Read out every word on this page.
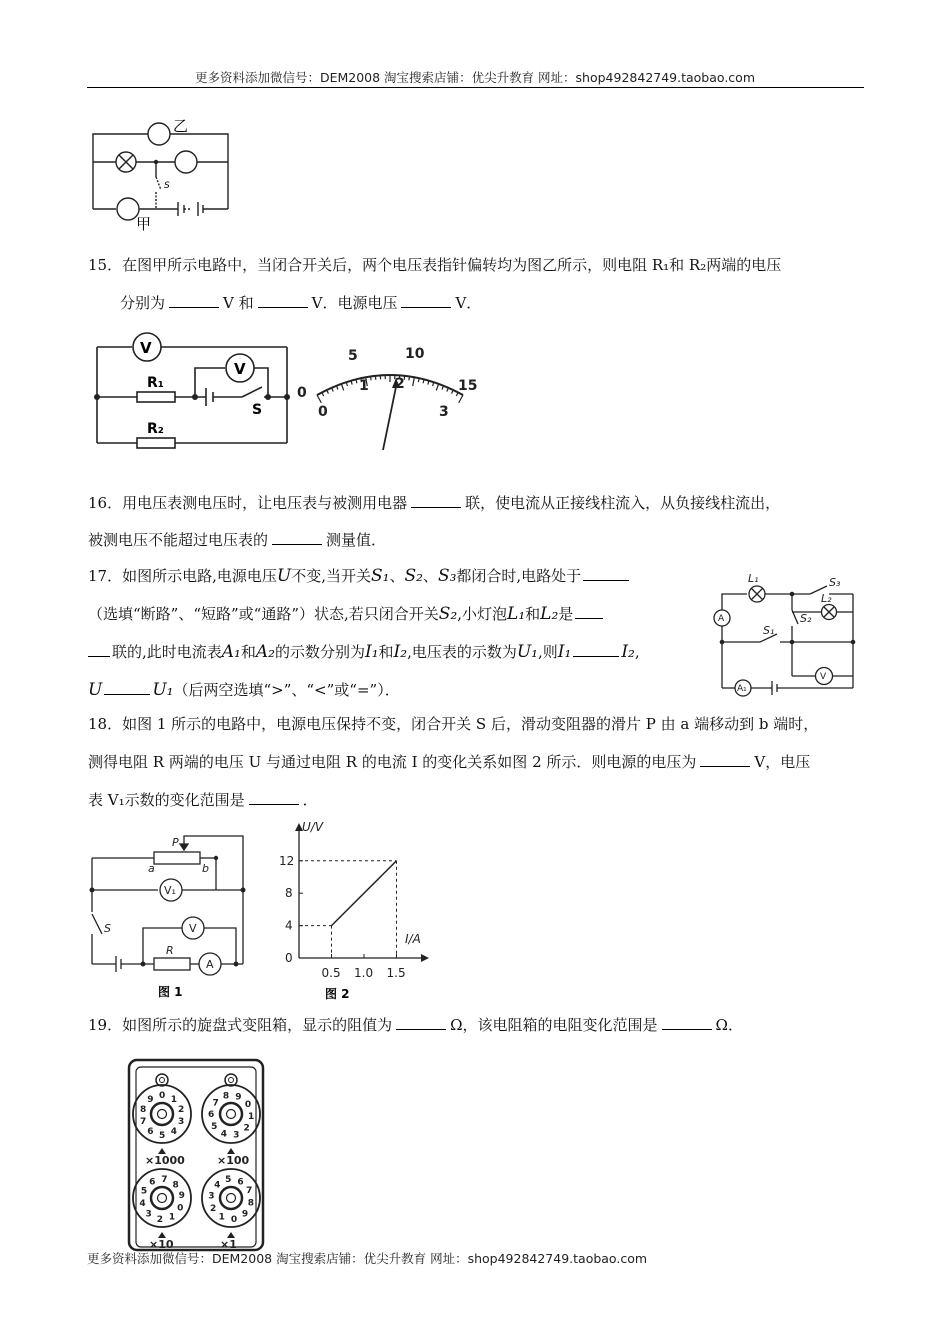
更多资料添加微信号：DEM2008 淘宝搜索店铺：优尖升教育 网址：shop492842749.taobao.com
乙
甲
S
15．在图甲所示电路中，当闭合开关后，两个电压表指针偏转均为图乙所示，则电阻 R₁和 R₂两端的电压
分别为	V 和	V．电源电压	V．
V
V
R₁
R₂
S
0
5	10
15
0
1 2
3
16．用电压表测电压时，让电压表与被测用电器	联，使电流从正接线柱流入，从负接线柱流出，
被测电压不能超过电压表的	测量值．
17．如图所示电路,电源电压U不变,当开关S₁、S₂、S₃都闭合时,电路处于
（选填“断路”、“短路”或“通路”）状态,若只闭合开关S₂,小灯泡L₁和L₂是
联的,此时电流表A₁和A₂的示数分别为I₁和I₂,电压表的示数为U₁,则I₁	I₂,
U	U₁（后两空选填“>”、“<”或“=”）．
L₁	S₃
S₁
S₂
L₂
A
V
A₁
18．如图 1 所示的电路中，电源电压保持不变，闭合开关 S 后，滑动变阻器的滑片 P 由 a 端移动到 b 端时，
测得电阻 R 两端的电压 U 与通过电阻 R 的电流 I 的变化关系如图 2 所示．则电源的电压为	V，电压
表 V₁示数的变化范围是	．
P
a	b
S
R
V₁
V
A
图 1
U/V
I/A
12
8
4
0
0.5 1.0 1.5
图 2
19．如图所示的旋盘式变阻箱，显示的阻值为	Ω，该电阻箱的电阻变化范围是	Ω．
0 1
2
3
4
5
6
7
8
9
0
1
2
3
4
5
6
7
8 9
0
1
2
3
4
5
6 7
8
9
0
1
2
3
4
5 6
7
8
9
×1000	×100
×10	×1
更多资料添加微信号：DEM2008 淘宝搜索店铺：优尖升教育 网址：shop492842749.taobao.com
